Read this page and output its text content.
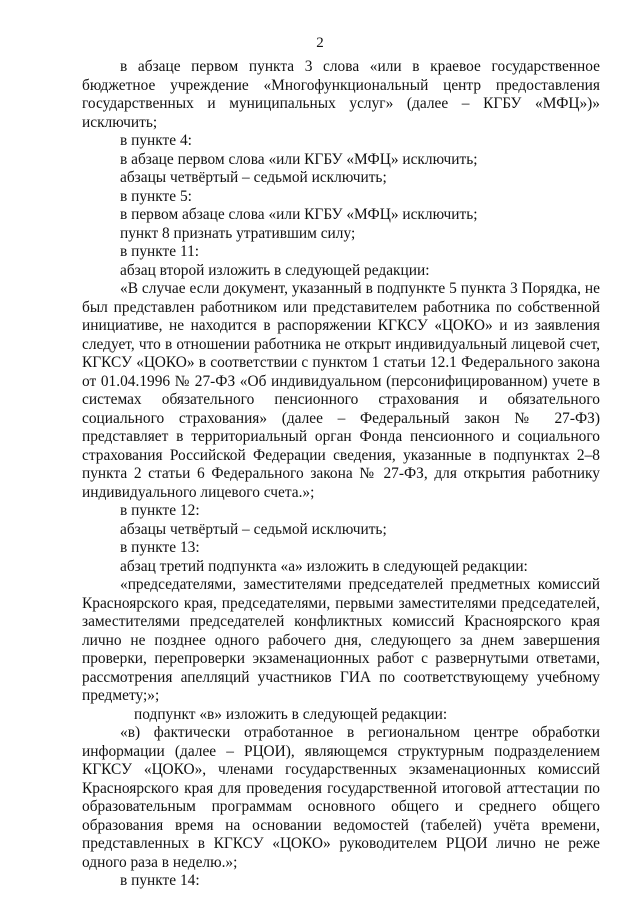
2

в абзаце первом пункта 3 слова «или в краевое государственное бюджетное учреждение «Многофункциональный центр предоставления государственных и муниципальных услуг» (далее – КГБУ «МФЦ»)» исключить;

в пункте 4:

в абзаце первом слова «или КГБУ «МФЦ» исключить;

абзацы четвёртый – седьмой исключить;

в пункте 5:

в первом абзаце слова «или КГБУ «МФЦ» исключить;

пункт 8 признать утратившим силу;

в пункте 11:

абзац второй изложить в следующей редакции:

«В случае если документ, указанный в подпункте 5 пункта 3 Порядка, не был представлен работником или представителем работника по собственной инициативе, не находится в распоряжении КГКСУ «ЦОКО» и из заявления следует, что в отношении работника не открыт индивидуальный лицевой счет, КГКСУ «ЦОКО» в соответствии с пунктом 1 статьи 12.1 Федерального закона от 01.04.1996 № 27-ФЗ «Об индивидуальном (персонифицированном) учете в системах обязательного пенсионного страхования и обязательного социального страхования» (далее – Федеральный закон № 27-ФЗ) представляет в территориальный орган Фонда пенсионного и социального страхования Российской Федерации сведения, указанные в подпунктах 2–8 пункта 2 статьи 6 Федерального закона № 27-ФЗ, для открытия работнику индивидуального лицевого счета.»;

в пункте 12:

абзацы четвёртый – седьмой исключить;

в пункте 13:

абзац третий подпункта «а» изложить в следующей редакции:

«председателями, заместителями председателей предметных комиссий Красноярского края, председателями, первыми заместителями председателей, заместителями председателей конфликтных комиссий Красноярского края лично не позднее одного рабочего дня, следующего за днем завершения проверки, перепроверки экзаменационных работ с развернутыми ответами, рассмотрения апелляций участников ГИА по соответствующему учебному предмету;»;

подпункт «в» изложить в следующей редакции:

«в) фактически отработанное в региональном центре обработки информации (далее – РЦОИ), являющемся структурным подразделением КГКСУ «ЦОКО», членами государственных экзаменационных комиссий Красноярского края для проведения государственной итоговой аттестации по образовательным программам основного общего и среднего общего образования время на основании ведомостей (табелей) учёта времени, представленных в КГКСУ «ЦОКО» руководителем РЦОИ лично не реже одного раза в неделю.»;

в пункте 14:
